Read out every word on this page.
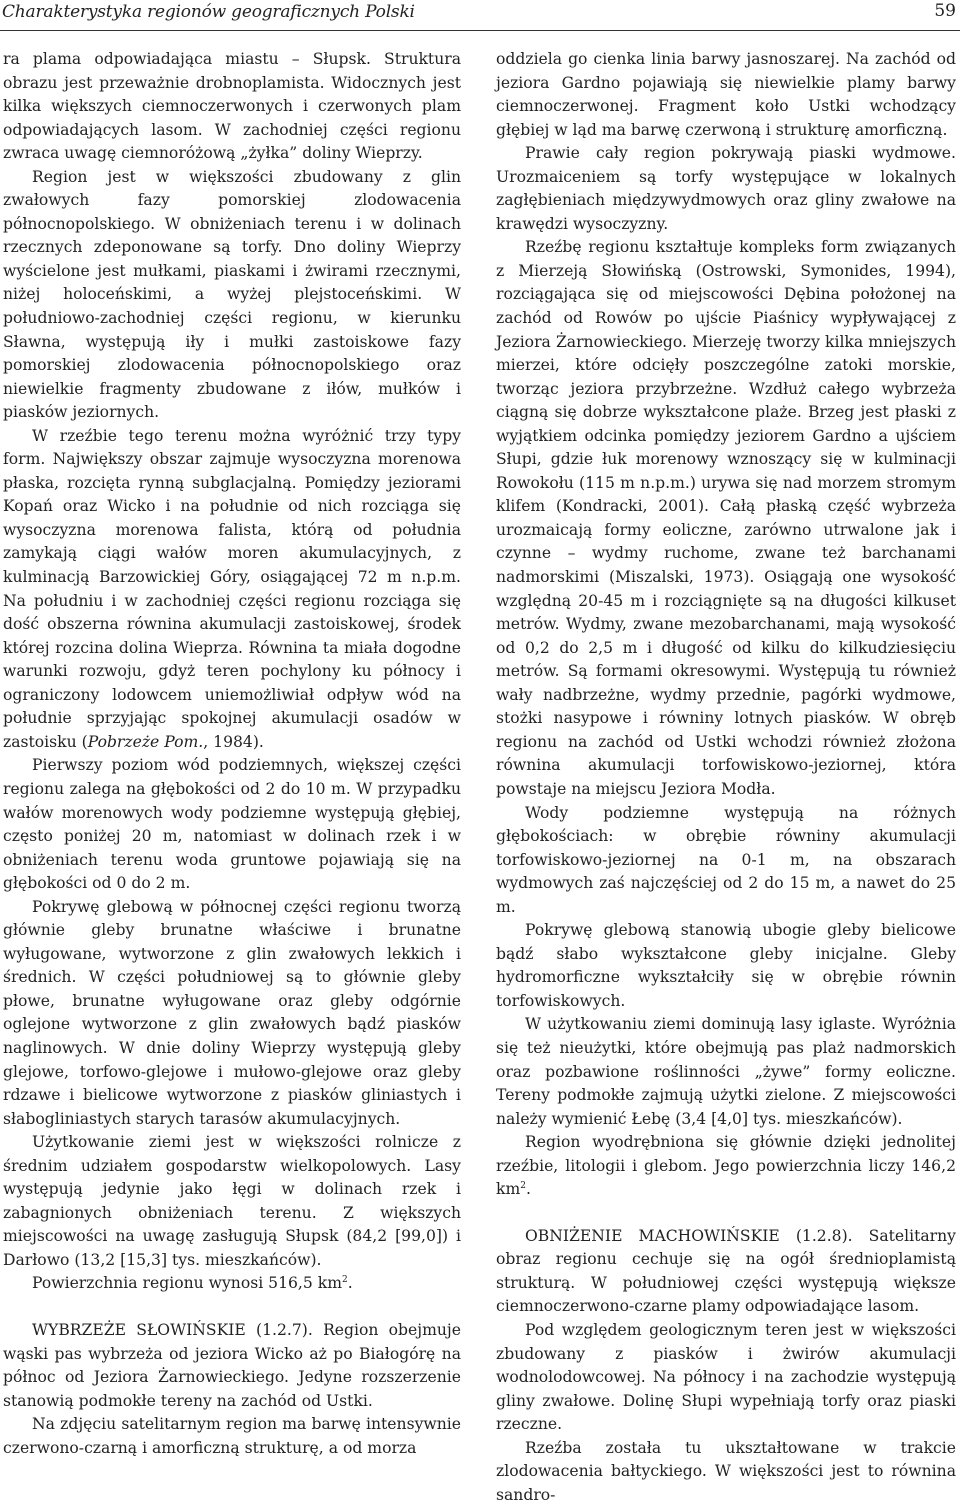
Charakterystyka regionów geograficznych Polski	59

ra plama odpowiadająca miastu – Słupsk. Struktura obrazu jest przeważnie drobnoplamista. Widocznych jest kilka większych ciemnoczerwonych i czerwonych plam odpowiadających lasom. W zachodniej części regionu zwraca uwagę ciemnoróżową „żyłka” doliny Wieprzy.

Region jest w większości zbudowany z glin zwałowych fazy pomorskiej zlodowacenia północnopolskiego. W obniżeniach terenu i w dolinach rzecznych zdeponowane są torfy. Dno doliny Wieprzy wyścielone jest mułkami, piaskami i żwirami rzecznymi, niżej holoceńskimi, a wyżej plejstoceńskimi. W południowo-zachodniej części regionu, w kierunku Sławna, występują iły i mułki zastoiskowe fazy pomorskiej zlodowacenia północnopolskiego oraz niewielkie fragmenty zbudowane z iłów, mułków i piasków jeziornych.

W rzeźbie tego terenu można wyróżnić trzy typy form. Największy obszar zajmuje wysoczyzna morenowa płaska, rozcięta rynną subglacjalną. Pomiędzy jeziorami Kopań oraz Wicko i na południe od nich rozciąga się wysoczyzna morenowa falista, którą od południa zamykają ciągi wałów moren akumulacyjnych, z kulminacją Barzowickiej Góry, osiągającej 72 m n.p.m. Na południu i w zachodniej części regionu rozciąga się dość obszerna równina akumulacji zastoiskowej, środek której rozcina dolina Wieprza. Równina ta miała dogodne warunki rozwoju, gdyż teren pochylony ku północy i ograniczony lodowcem uniemożliwiał odpływ wód na południe sprzyjając spokojnej akumulacji osadów w zastoisku (Pobrzeże Pom., 1984).

Pierwszy poziom wód podziemnych, większej części regionu zalega na głębokości od 2 do 10 m. W przypadku wałów morenowych wody podziemne występują głębiej, często poniżej 20 m, natomiast w dolinach rzek i w obniżeniach terenu woda gruntowe pojawiają się na głębokości od 0 do 2 m.

Pokrywę glebową w północnej części regionu tworzą głównie gleby brunatne właściwe i brunatne wyługowane, wytworzone z glin zwałowych lekkich i średnich. W części południowej są to głównie gleby płowe, brunatne wyługowane oraz gleby odgórnie oglejone wytworzone z glin zwałowych bądź piasków naglinowych. W dnie doliny Wieprzy występują gleby glejowe, torfowo-glejowe i mułowo-glejowe oraz gleby rdzawe i bielicowe wytworzone z piasków gliniastych i słabogliniastych starych tarasów akumulacyjnych.

Użytkowanie ziemi jest w większości rolnicze z średnim udziałem gospodarstw wielkopolowych. Lasy występują jedynie jako łęgi w dolinach rzek i zabagnionych obniżeniach terenu. Z większych miejscowości na uwagę zasługują Słupsk (84,2 [99,0]) i Darłowo (13,2 [15,3] tys. mieszkańców).

Powierzchnia regionu wynosi 516,5 $km^2$.

WYBRZEŻE SŁOWIŃSKIE (1.2.7). Region obejmuje wąski pas wybrzeża od jeziora Wicko aż po Białogórę na północ od Jeziora Żarnowieckiego. Jedyne rozszerzenie stanowią podmokłe tereny na zachód od Ustki.

Na zdjęciu satelitarnym region ma barwę intensywnie czerwono-czarną i amorficzną strukturę, a od morza

oddziela go cienka linia barwy jasnoszarej. Na zachód od jeziora Gardno pojawiają się niewielkie plamy barwy ciemnoczerwonej. Fragment koło Ustki wchodzący głębiej w ląd ma barwę czerwoną i strukturę amorficzną.

Prawie cały region pokrywają piaski wydmowe. Urozmaiceniem są torfy występujące w lokalnych zagłębieniach międzywydmowych oraz gliny zwałowe na krawędzi wysoczyzny.

Rzeźbę regionu kształtuje kompleks form związanych z Mierzeją Słowińską (Ostrowski, Symonides, 1994), rozciągająca się od miejscowości Dębina położonej na zachód od Rowów po ujście Piaśnicy wypływającej z Jeziora Żarnowieckiego. Mierzeję tworzy kilka mniejszych mierzei, które odcięły poszczególne zatoki morskie, tworząc jeziora przybrzeżne. Wzdłuż całego wybrzeża ciągną się dobrze wykształcone plaże. Brzeg jest płaski z wyjątkiem odcinka pomiędzy jeziorem Gardno a ujściem Słupi, gdzie łuk morenowy wznoszący się w kulminacji Rowokołu (115 m n.p.m.) urywa się nad morzem stromym klifem (Kondracki, 2001). Całą płaską część wybrzeża urozmaicają formy eoliczne, zarówno utrwalone jak i czynne – wydmy ruchome, zwane też barchanami nadmorskimi (Miszalski, 1973). Osiągają one wysokość względną 20-45 m i rozciągnięte są na długości kilkuset metrów. Wydmy, zwane mezobarchanami, mają wysokość od 0,2 do 2,5 m i długość od kilku do kilkudziesięciu metrów. Są formami okresowymi. Występują tu również wały nadbrzeżne, wydmy przednie, pagórki wydmowe, stożki nasypowe i równiny lotnych piasków. W obręb regionu na zachód od Ustki wchodzi również złożona równina akumulacji torfowiskowo-jeziornej, która powstaje na miejscu Jeziora Modła.

Wody podziemne występują na różnych głębokościach: w obrębie równiny akumulacji torfowiskowo-jeziornej na 0-1 m, na obszarach wydmowych zaś najczęściej od 2 do 15 m, a nawet do 25 m.

Pokrywę glebową stanowią ubogie gleby bielicowe bądź słabo wykształcone gleby inicjalne. Gleby hydromorficzne wykształciły się w obrębie równin torfowiskowych.

W użytkowaniu ziemi dominują lasy iglaste. Wyróżnia się też nieużytki, które obejmują pas plaż nadmorskich oraz pozbawione roślinności „żywe” formy eoliczne. Tereny podmokłe zajmują użytki zielone. Z miejscowości należy wymienić Łebę (3,4 [4,0] tys. mieszkańców).

Region wyodrębniona się głównie dzięki jednolitej rzeźbie, litologii i glebom. Jego powierzchnia liczy 146,2 $km^2$.

OBNIŻENIE MACHOWIŃSKIE (1.2.8). Satelitarny obraz regionu cechuje się na ogół średnioplamistą strukturą. W południowej części występują większe ciemnoczerwono-czarne plamy odpowiadające lasom.

Pod względem geologicznym teren jest w większości zbudowany z piasków i żwirów akumulacji wodnolodowcowej. Na północy i na zachodzie występują gliny zwałowe. Dolinę Słupi wypełniają torfy oraz piaski rzeczne.

Rzeźba została tu ukształtowane w trakcie zlodowacenia bałtyckiego. W większości jest to równina sandro-
